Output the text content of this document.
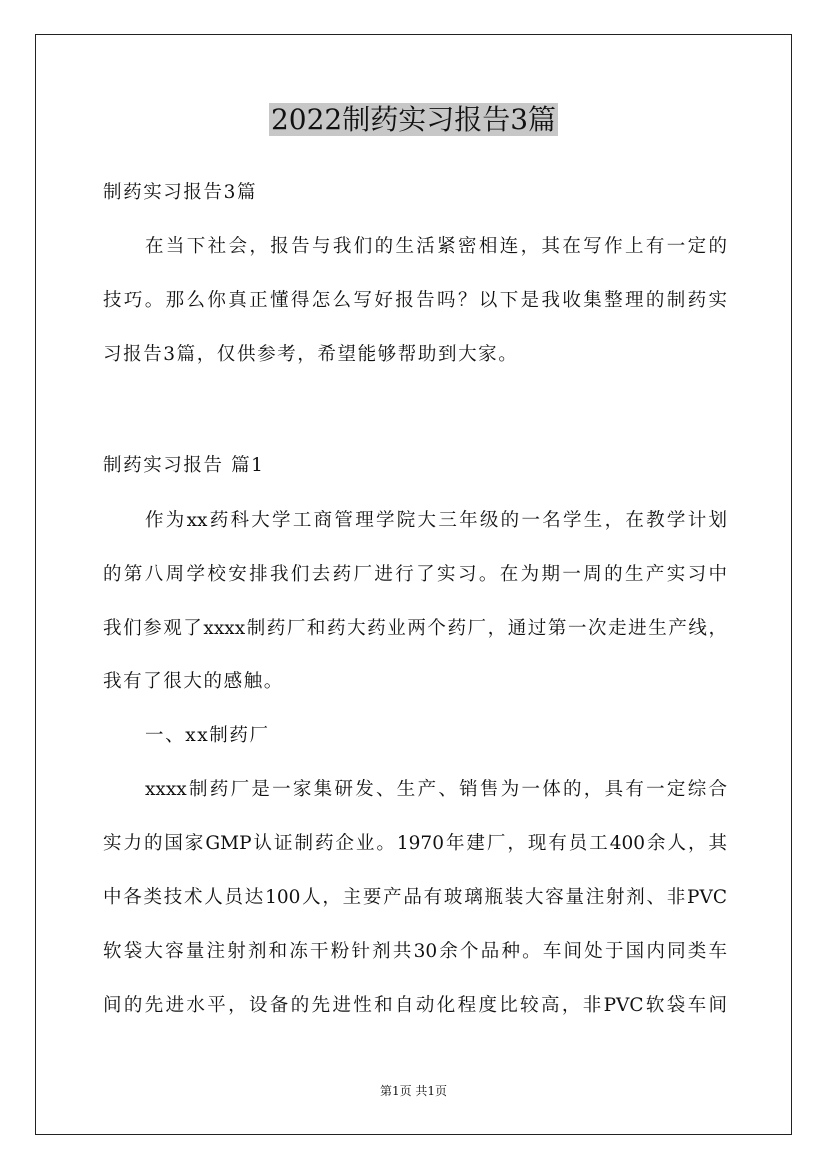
2022制药实习报告3篇
制药实习报告3篇
在当下社会，报告与我们的生活紧密相连，其在写作上有一定的
技巧。那么你真正懂得怎么写好报告吗？以下是我收集整理的制药实
习报告3篇，仅供参考，希望能够帮助到大家。
制药实习报告 篇1
作为xx药科大学工商管理学院大三年级的一名学生，在教学计划
的第八周学校安排我们去药厂进行了实习。在为期一周的生产实习中
我们参观了xxxx制药厂和药大药业两个药厂，通过第一次走进生产线，
我有了很大的感触。
一、xx制药厂
xxxx制药厂是一家集研发、生产、销售为一体的，具有一定综合
实力的国家GMP认证制药企业。1970年建厂，现有员工400余人，其
中各类技术人员达100人，主要产品有玻璃瓶装大容量注射剂、非PVC
软袋大容量注射剂和冻干粉针剂共30余个品种。车间处于国内同类车
间的先进水平，设备的先进性和自动化程度比较高，非PVC软袋车间
第1页 共1页
